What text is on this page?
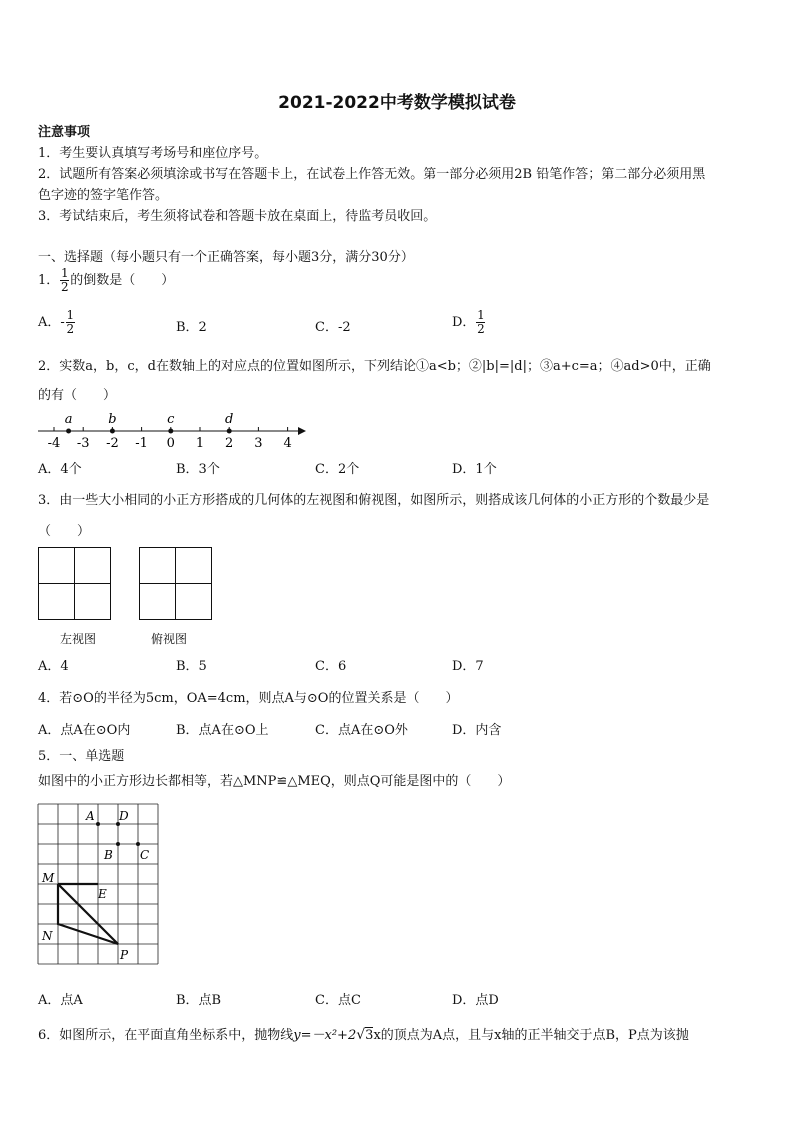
2021-2022中考数学模拟试卷
注意事项
1．考生要认真填写考场号和座位序号。
2．试题所有答案必须填涂或书写在答题卡上，在试卷上作答无效。第一部分必须用2B 铅笔作答；第二部分必须用黑
色字迹的签字笔作答。
3．考试结束后，考生须将试卷和答题卡放在桌面上，待监考员收回。
一、选择题（每小题只有一个正确答案，每小题3分，满分30分）
1． $\frac{1}{2}$ 的倒数是（　　）
A．- $\frac{1}{2}$	B．2	C．-2	D． $\frac{1}{2}$
2．实数a，b，c，d在数轴上的对应点的位置如图所示，下列结论①a<b；②|b|=|d|；③a+c=a；④ad>0中，正确
的有（　　）
-4 -3 -2 -1 0 1 2 3 4
a	b	c	d
A．4个	B．3个	C．2个	D．1个
3．由一些大小相同的小正方形搭成的几何体的左视图和俯视图，如图所示，则搭成该几何体的小正方形的个数最少是
（　　）
左视图	俯视图
A．4	B．5	C．6	D．7
4．若⊙O的半径为5cm，OA=4cm，则点A与⊙O的位置关系是（　　）
A．点A在⊙O内	B．点A在⊙O上	C．点A在⊙O外	D．内含
5．一、单选题
如图中的小正方形边长都相等，若△MNP≌△MEQ，则点Q可能是图中的（　　）
A D
B C
M
E
N
P
A．点A	B．点B	C．点C	D．点D
6．如图所示，在平面直角坐标系中，抛物线y=－x²+2√3x的顶点为A点，且与x轴的正半轴交于点B，P点为该抛
